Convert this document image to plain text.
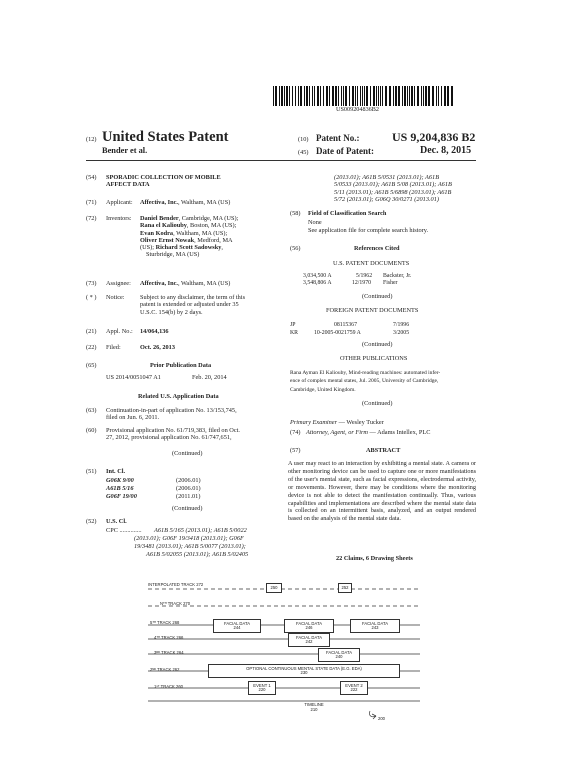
US009204836B2
(12) United States Patent
Bender et al.
(10) Patent No.:	US 9,204,836 B2
(45) Date of Patent:	Dec. 8, 2015
(54) SPORADIC COLLECTION OF MOBILE
AFFECT DATA
(71) Applicant: Affectiva, Inc., Waltham, MA (US)
(72) Inventors: Daniel Bender, Cambridge, MA (US);
Rana el Kaliouby, Boston, MA (US);
Evan Kodra, Waltham, MA (US);
Oliver Ernst Nowak, Medford, MA
(US); Richard Scott Sadowsky,
Sturbridge, MA (US)
(73) Assignee: Affectiva, Inc., Waltham, MA (US)
( * ) Notice: Subject to any disclaimer, the term of this
patent is extended or adjusted under 35
U.S.C. 154(b) by 2 days.
(21) Appl. No.: 14/064,136
(22) Filed:	Oct. 26, 2013
(65)	Prior Publication Data
US 2014/0051047 A1	Feb. 20, 2014
Related U.S. Application Data
(63) Continuation-in-part of application No. 13/153,745,
filed on Jun. 6, 2011.
(60) Provisional application No. 61/719,383, filed on Oct.
27, 2012, provisional application No. 61/747,651,
(Continued)
(51) Int. Cl.
G06K 9/00	(2006.01)
A61B 5/16	(2006.01)
G06F 19/00	(2011.01)
(Continued)
(52) U.S. Cl.
CPC .............. A61B 5/165 (2013.01); A61B 5/0022
(2013.01); G06F 19/3418 (2013.01); G06F
19/3481 (2013.01); A61B 5/0077 (2013.01);
A61B 5/02055 (2013.01); A61B 5/02405
(2013.01); A61B 5/0531 (2013.01); A61B
5/0533 (2013.01); A61B 5/08 (2013.01); A61B
5/11 (2013.01); A61B 5/6898 (2013.01); A61B
5/72 (2013.01); G06Q 30/0271 (2013.01)
(58) Field of Classification Search
None
See application file for complete search history.
(56)	References Cited
U.S. PATENT DOCUMENTS
3,034,500 A	5/1962 Backster, Jr.
3,548,806 A	12/1970 Fisher
(Continued)
FOREIGN PATENT DOCUMENTS
JP	08115367	7/1996
KR	10-2005-0021759 A	3/2005
(Continued)
OTHER PUBLICATIONS
Rana Ayman El Kaliouby, Mind-reading machines: automated infer-
ence of complex mental states, Jul. 2005, University of Cambridge,
Cambridge, United Kingdom.
(Continued)
Primary Examiner — Wesley Tucker
(74) Attorney, Agent, or Firm — Adams Intellex, PLC
(57)	ABSTRACT
A user may react to an interaction by exhibiting a mental state. A camera or other monitoring device can be used to capture one or more manifestations of the user's mental state, such as facial expressions, electrodermal activity, or movements. However, there may be conditions where the monitoring device is not able to detect the manifestation continually. Thus, various capabilities and implementations are described where the mental state data is collected on an intermittent basis, analyzed, and an output rendered based on the analysis of the mental state data.
22 Claims, 6 Drawing Sheets
INTERPOLATED TRACK 272
250	252
Nᵀᴴ TRACK 270
5ᵀᴴ TRACK 268	FACIAL DATA
244
FACIAL DATA
246
FACIAL DATA
243
4ᵀᴴ TRACK 266	FACIAL DATA
242
3ᴿᴰ TRACK 264	FACIAL DATA
240
2ᴺᴰ TRACK 262	OPTIONAL CONTINUOUS MENTAL STATE DATA (E.G. EDA)
230
1ˢᵀ TRACK 260	EVENT 1
220
EVENT 2
222
TIMELINE
210
200
